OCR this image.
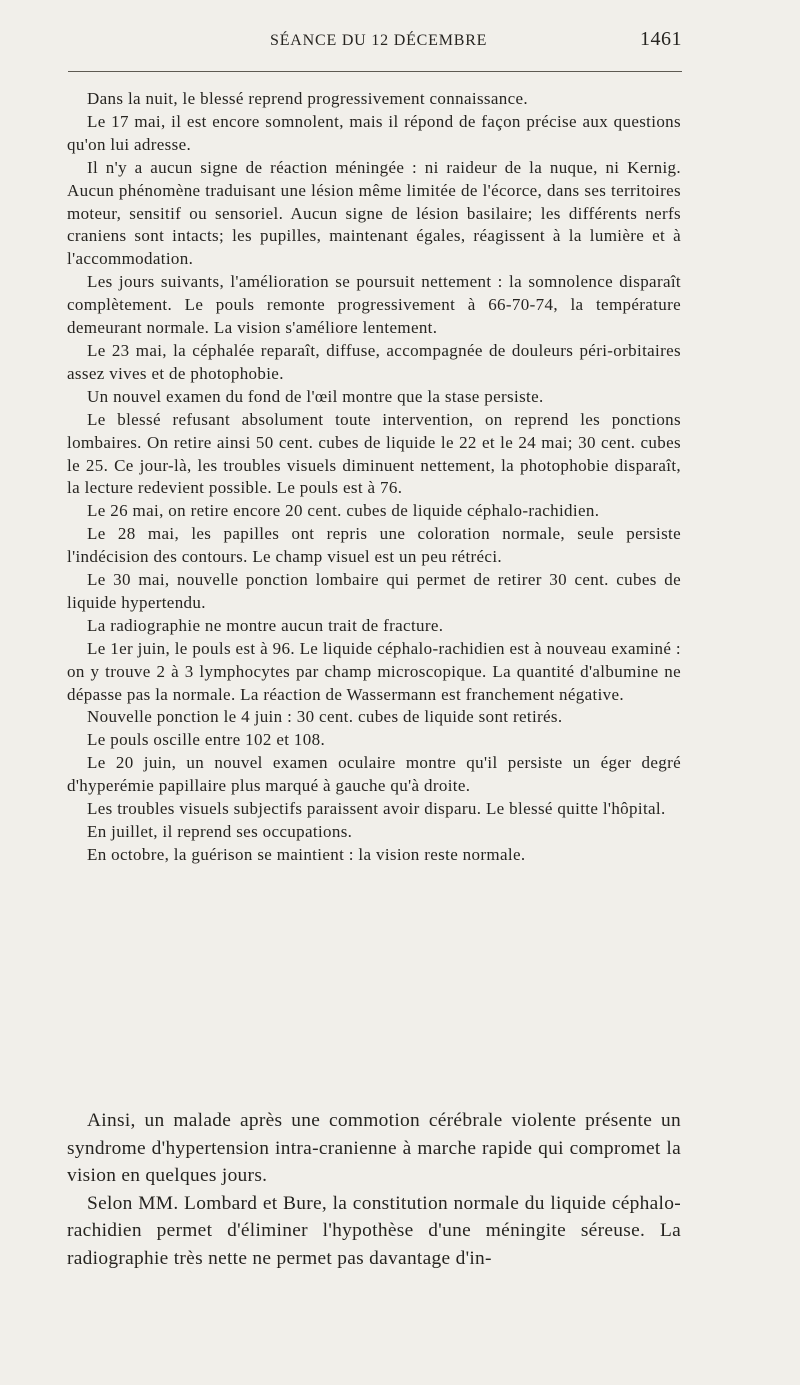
SÉANCE DU 12 DÉCEMBRE	1461

Dans la nuit, le blessé reprend progressivement connaissance.

Le 17 mai, il est encore somnolent, mais il répond de façon précise aux questions qu'on lui adresse.

Il n'y a aucun signe de réaction méningée : ni raideur de la nuque, ni Kernig. Aucun phénomène traduisant une lésion même limitée de l'écorce, dans ses territoires moteur, sensitif ou sensoriel. Aucun signe de lésion basilaire; les différents nerfs craniens sont intacts; les pupilles, maintenant égales, réagissent à la lumière et à l'accommodation.

Les jours suivants, l'amélioration se poursuit nettement : la somnolence disparaît complètement. Le pouls remonte progressivement à 66-70-74, la température demeurant normale. La vision s'améliore lentement.

Le 23 mai, la céphalée reparaît, diffuse, accompagnée de douleurs péri-orbitaires assez vives et de photophobie.

Un nouvel examen du fond de l'œil montre que la stase persiste.

Le blessé refusant absolument toute intervention, on reprend les ponctions lombaires. On retire ainsi 50 cent. cubes de liquide le 22 et le 24 mai; 30 cent. cubes le 25. Ce jour-là, les troubles visuels diminuent nettement, la photophobie disparaît, la lecture redevient possible. Le pouls est à 76.

Le 26 mai, on retire encore 20 cent. cubes de liquide céphalo-rachidien.

Le 28 mai, les papilles ont repris une coloration normale, seule persiste l'indécision des contours. Le champ visuel est un peu rétréci.

Le 30 mai, nouvelle ponction lombaire qui permet de retirer 30 cent. cubes de liquide hypertendu.

La radiographie ne montre aucun trait de fracture.

Le 1er juin, le pouls est à 96. Le liquide céphalo-rachidien est à nouveau examiné : on y trouve 2 à 3 lymphocytes par champ microscopique. La quantité d'albumine ne dépasse pas la normale. La réaction de Wassermann est franchement négative.

Nouvelle ponction le 4 juin : 30 cent. cubes de liquide sont retirés.

Le pouls oscille entre 102 et 108.

Le 20 juin, un nouvel examen oculaire montre qu'il persiste un éger degré d'hyperémie papillaire plus marqué à gauche qu'à droite.

Les troubles visuels subjectifs paraissent avoir disparu. Le blessé quitte l'hôpital.

En juillet, il reprend ses occupations.

En octobre, la guérison se maintient : la vision reste normale.

Ainsi, un malade après une commotion cérébrale violente présente un syndrome d'hypertension intra-cranienne à marche rapide qui compromet la vision en quelques jours.

Selon MM. Lombard et Bure, la constitution normale du liquide céphalo-rachidien permet d'éliminer l'hypothèse d'une méningite séreuse. La radiographie très nette ne permet pas davantage d'in-
